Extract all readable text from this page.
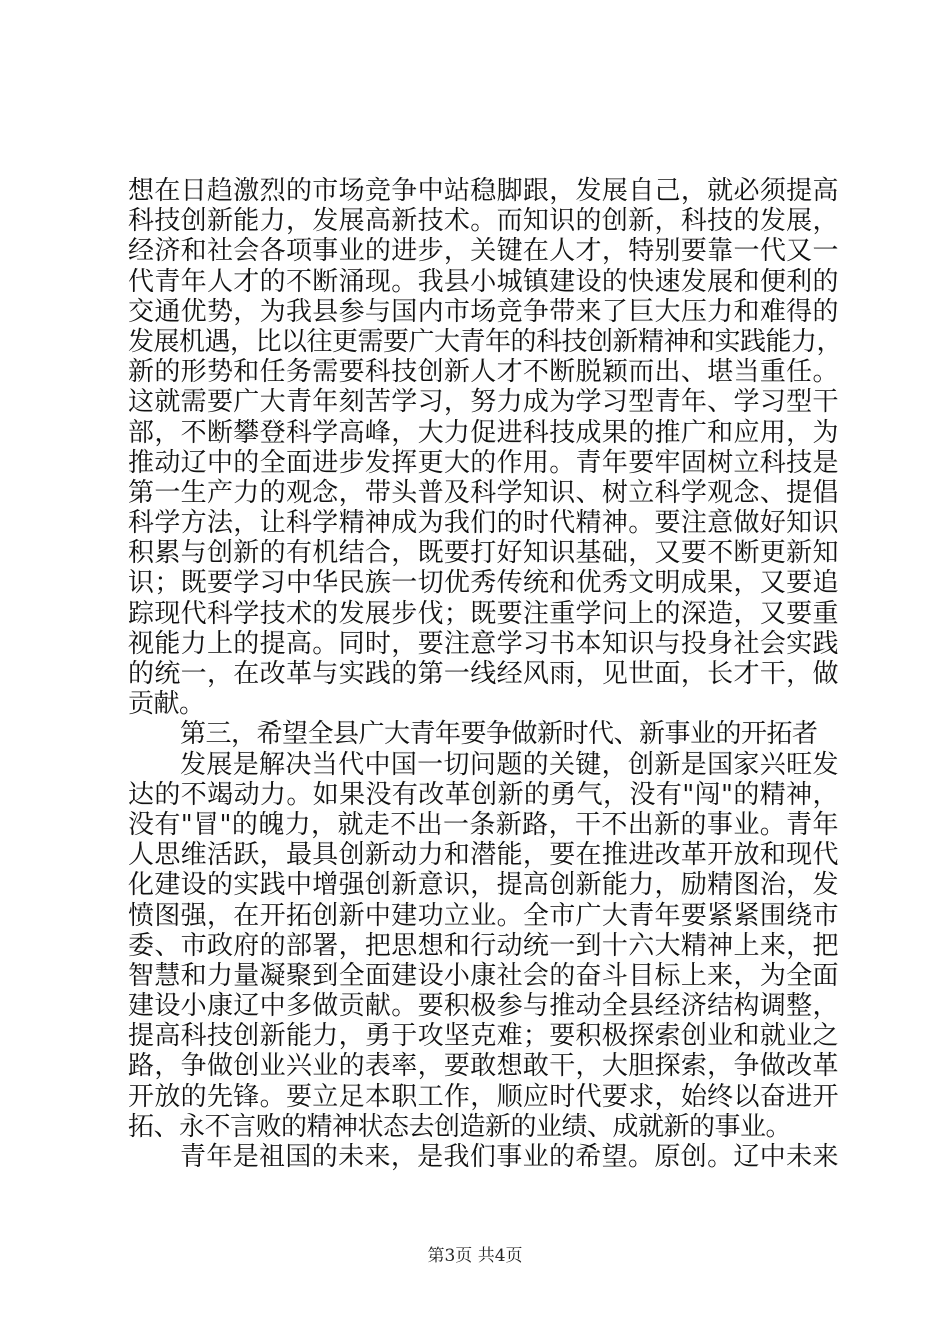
想在日趋激烈的市场竞争中站稳脚跟，发展自己，就必须提高
科技创新能力，发展高新技术。而知识的创新，科技的发展，
经济和社会各项事业的进步，关键在人才，特别要靠一代又一
代青年人才的不断涌现。我县小城镇建设的快速发展和便利的
交通优势，为我县参与国内市场竞争带来了巨大压力和难得的
发展机遇，比以往更需要广大青年的科技创新精神和实践能力，
新的形势和任务需要科技创新人才不断脱颖而出、堪当重任。
这就需要广大青年刻苦学习，努力成为学习型青年、学习型干
部，不断攀登科学高峰，大力促进科技成果的推广和应用，为
推动辽中的全面进步发挥更大的作用。青年要牢固树立科技是
第一生产力的观念，带头普及科学知识、树立科学观念、提倡
科学方法，让科学精神成为我们的时代精神。要注意做好知识
积累与创新的有机结合，既要打好知识基础，又要不断更新知
识；既要学习中华民族一切优秀传统和优秀文明成果，又要追
踪现代科学技术的发展步伐；既要注重学问上的深造，又要重
视能力上的提高。同时，要注意学习书本知识与投身社会实践
的统一，在改革与实践的第一线经风雨，见世面，长才干，做
贡献。
第三，希望全县广大青年要争做新时代、新事业的开拓者
发展是解决当代中国一切问题的关键，创新是国家兴旺发
达的不竭动力。如果没有改革创新的勇气，没有"闯"的精神，
没有"冒"的魄力，就走不出一条新路，干不出新的事业。青年
人思维活跃，最具创新动力和潜能，要在推进改革开放和现代
化建设的实践中增强创新意识，提高创新能力，励精图治，发
愤图强，在开拓创新中建功立业。全市广大青年要紧紧围绕市
委、市政府的部署，把思想和行动统一到十六大精神上来，把
智慧和力量凝聚到全面建设小康社会的奋斗目标上来，为全面
建设小康辽中多做贡献。要积极参与推动全县经济结构调整，
提高科技创新能力，勇于攻坚克难；要积极探索创业和就业之
路，争做创业兴业的表率，要敢想敢干，大胆探索，争做改革
开放的先锋。要立足本职工作，顺应时代要求，始终以奋进开
拓、永不言败的精神状态去创造新的业绩、成就新的事业。
青年是祖国的未来，是我们事业的希望。原创。辽中未来
第3页 共4页
